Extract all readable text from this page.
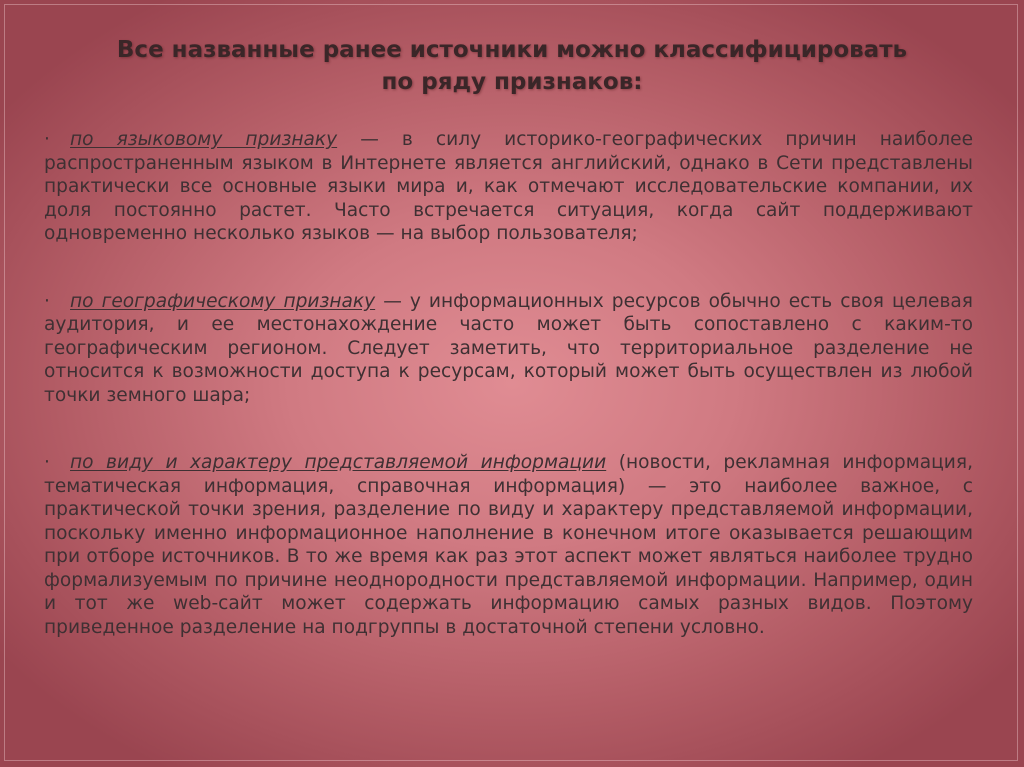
Все названные ранее источники можно классифицировать
по ряду признаков:
· по языковому признаку — в силу историко-географических причин наиболее распространенным языком в Интернете является английский, однако в Сети представлены практически все основные языки мира и, как отмечают исследовательские компании, их доля постоянно растет. Часто встречается ситуация, когда сайт поддерживают одновременно несколько языков — на выбор пользователя;
· по географическому признаку — у информационных ресурсов обычно есть своя целевая аудитория, и ее местонахождение часто может быть сопоставлено с каким-то географическим регионом. Следует заметить, что территориальное разделение не относится к возможности доступа к ресурсам, который может быть осуществлен из любой точки земного шара;
· по виду и характеру представляемой информации (новости, рекламная информация, тематическая информация, справочная информация) — это наиболее важное, с практической точки зрения, разделение по виду и характеру представляемой информации, поскольку именно информационное наполнение в конечном итоге оказывается решающим при отборе источников. В то же время как раз этот аспект может являться наиболее трудно формализуемым по причине неоднородности представляемой информации. Например, один и тот же web-сайт может содержать информацию самых разных видов. Поэтому приведенное разделение на подгруппы в достаточной степени условно.
